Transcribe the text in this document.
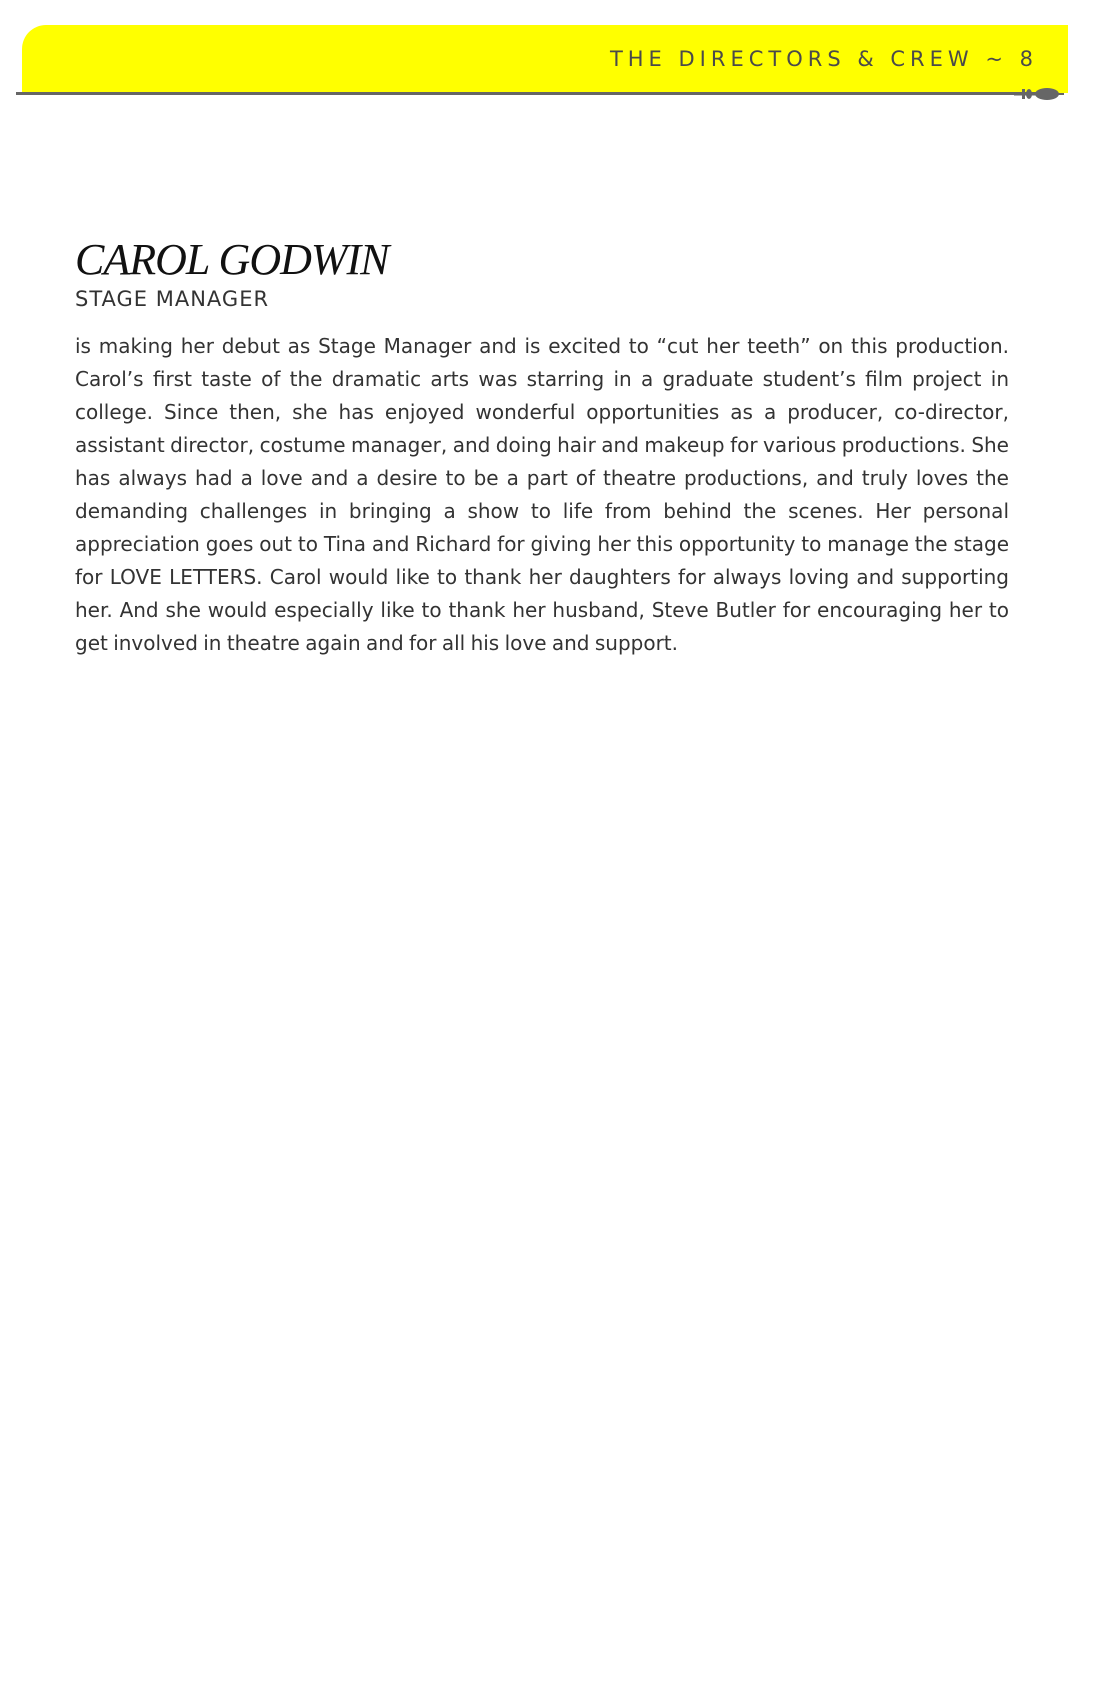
THE DIRECTORS & CREW ~ 8
CAROL GODWIN
STAGE MANAGER

is making her debut as Stage Manager and is excited to “cut her teeth” on this production. Carol’s first taste of the dramatic arts was starring in a graduate student’s film project in college. Since then, she has enjoyed wonderful opportunities as a producer, co-director, assistant director, costume manager, and doing hair and makeup for various productions. She has always had a love and a desire to be a part of theatre productions, and truly loves the demanding challenges in bringing a show to life from behind the scenes. Her personal appreciation goes out to Tina and Richard for giving her this opportunity to manage the stage for LOVE LETTERS. Carol would like to thank her daughters for always loving and supporting her. And she would especially like to thank her husband, Steve Butler for encouraging her to get involved in theatre again and for all his love and support.
